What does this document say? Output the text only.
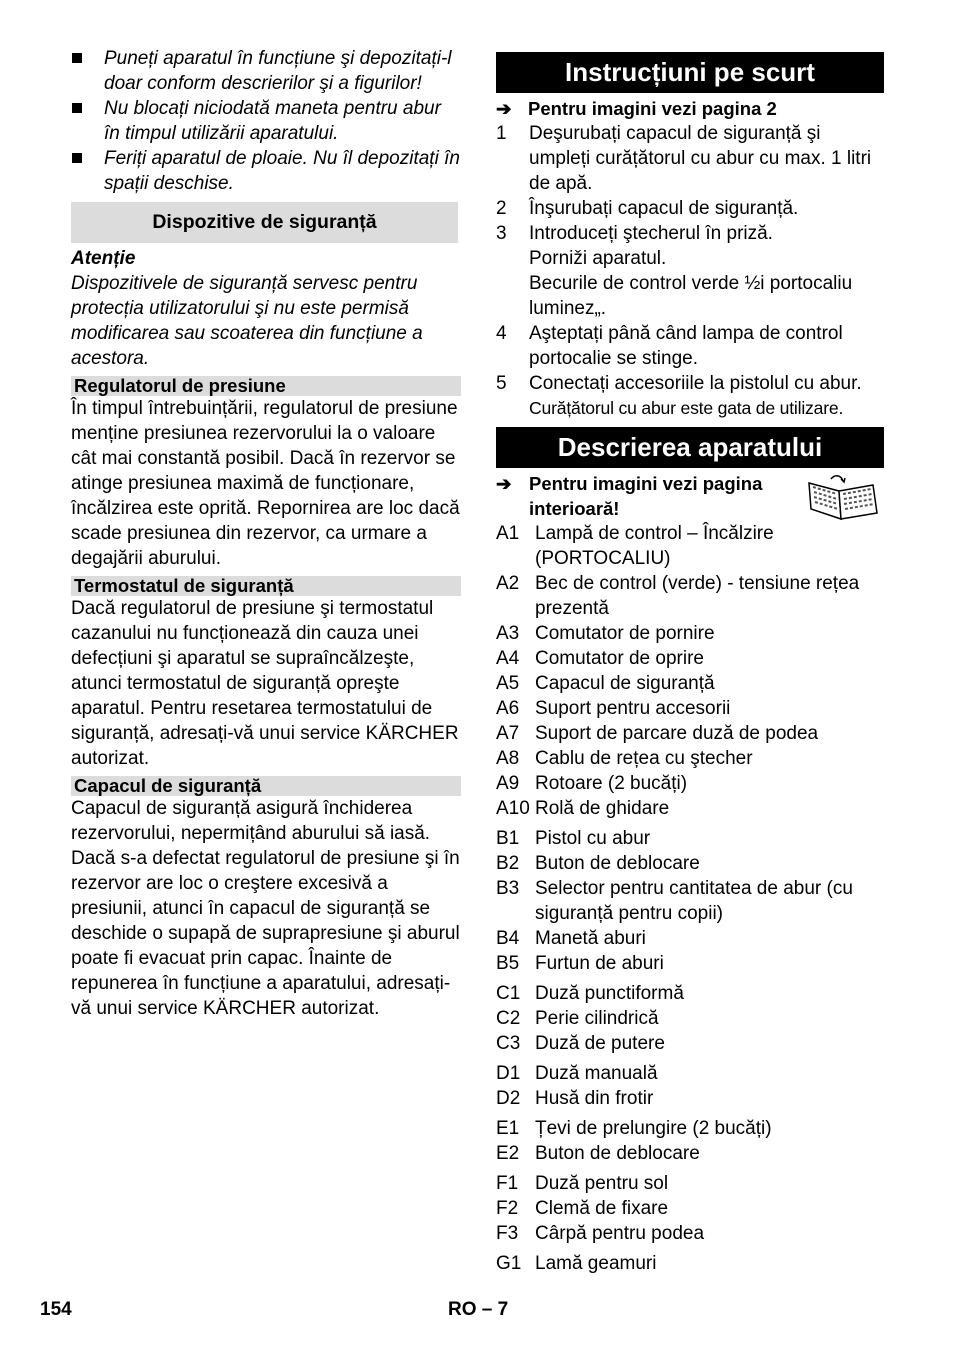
Puneți aparatul în funcțiune şi depozitați-l doar conform descrierilor şi a figurilor!
Nu blocați niciodată maneta pentru abur în timpul utilizării aparatului.
Feriți aparatul de ploaie. Nu îl depozitați în spații deschise.
Dispozitive de siguranță
Atenție
Dispozitivele de siguranță servesc pentru protecția utilizatorului şi nu este permisă modificarea sau scoaterea din funcțiune a acestora.
Regulatorul de presiune
În timpul întrebuințării, regulatorul de presiune menține presiunea rezervorului la o valoare cât mai constantă posibil. Dacă în rezervor se atinge presiunea maximă de funcționare, încălzirea este oprită. Repornirea are loc dacă scade presiunea din rezervor, ca urmare a degajării aburului.
Termostatul de siguranță
Dacă regulatorul de presiune şi termostatul cazanului nu funcționează din cauza unei defecțiuni şi aparatul se supraîncălzeşte, atunci termostatul de siguranță opreşte aparatul. Pentru resetarea termostatului de siguranță, adresați-vă unui service KÄRCHER autorizat.
Capacul de siguranță
Capacul de siguranță asigură închiderea rezervorului, nepermițând aburului să iasă. Dacă s-a defectat regulatorul de presiune şi în rezervor are loc o creştere excesivă a presiunii, atunci în capacul de siguranță se deschide o supapă de suprapresiune şi aburul poate fi evacuat prin capac. Înainte de repunerea în funcțiune a aparatului, adresați-vă unui service KÄRCHER autorizat.
Instrucțiuni pe scurt
➔ Pentru imagini vezi pagina 2
1	Deşurubați capacul de siguranță şi umpleți curățătorul cu abur cu max. 1 litri de apă.
2	Înşurubați capacul de siguranță.
3	Introduceți ştecherul în priză.
Porniži aparatul.
Becurile de control verde ½i portocaliu luminez„.
4	Aşteptați până când lampa de control portocalie se stinge.
5	Conectați accesoriile la pistolul cu abur.
Curățătorul cu abur este gata de utilizare.
Descrierea aparatului
➔ Pentru imagini vezi pagina interioară!
A1 Lampă de control – Încălzire (PORTOCALIU)
A2 Bec de control (verde) - tensiune rețea prezentă
A3 Comutator de pornire
A4 Comutator de oprire
A5 Capacul de siguranță
A6 Suport pentru accesorii
A7 Suport de parcare duză de podea
A8 Cablu de rețea cu ştecher
A9 Rotoare (2 bucăți)
A10 Rolă de ghidare
B1 Pistol cu abur
B2 Buton de deblocare
B3 Selector pentru cantitatea de abur (cu siguranță pentru copii)
B4 Manetă aburi
B5 Furtun de aburi
C1 Duză punctiformă
C2 Perie cilindrică
C3 Duză de putere
D1 Duză manuală
D2 Husă din frotir
E1 Țevi de prelungire (2 bucăți)
E2 Buton de deblocare
F1 Duză pentru sol
F2 Clemă de fixare
F3 Cârpă pentru podea
G1 Lamă geamuri
154	RO – 7
